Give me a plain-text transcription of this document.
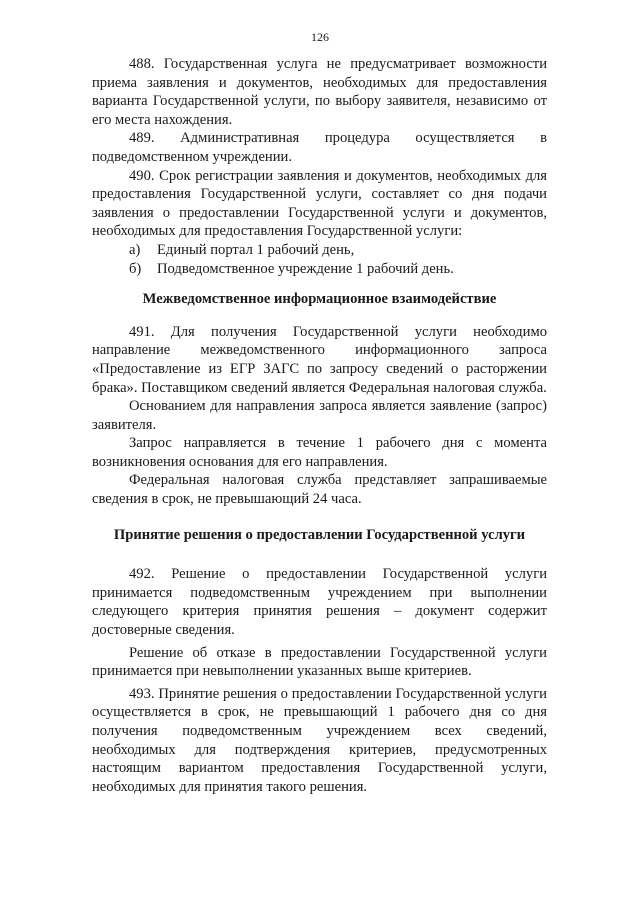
126

488. Государственная услуга не предусматривает возможности приема заявления и документов, необходимых для предоставления варианта Государственной услуги, по выбору заявителя, независимо от его места нахождения.

489. Административная процедура осуществляется в подведомственном учреждении.

490. Срок регистрации заявления и документов, необходимых для предоставления Государственной услуги, составляет со дня подачи заявления о предоставлении Государственной услуги и документов, необходимых для предоставления Государственной услуги:

а)	Единый портал 1 рабочий день,
б)	Подведомственное учреждение 1 рабочий день.
Межведомственное информационное взаимодействие

491. Для получения Государственной услуги необходимо направление межведомственного информационного запроса «Предоставление из ЕГР ЗАГС по запросу сведений о расторжении брака». Поставщиком сведений является Федеральная налоговая служба.

Основанием для направления запроса является заявление (запрос) заявителя.

Запрос направляется в течение 1 рабочего дня с момента возникновения основания для его направления.

Федеральная налоговая служба представляет запрашиваемые сведения в срок, не превышающий 24 часа.

Принятие решения о предоставлении Государственной услуги

492. Решение о предоставлении Государственной услуги принимается подведомственным учреждением при выполнении следующего критерия принятия решения – документ содержит достоверные сведения.

Решение об отказе в предоставлении Государственной услуги принимается при невыполнении указанных выше критериев.

493. Принятие решения о предоставлении Государственной услуги осуществляется в срок, не превышающий 1 рабочего дня со дня получения подведомственным учреждением всех сведений, необходимых для подтверждения критериев, предусмотренных настоящим вариантом предоставления Государственной услуги, необходимых для принятия такого решения.
